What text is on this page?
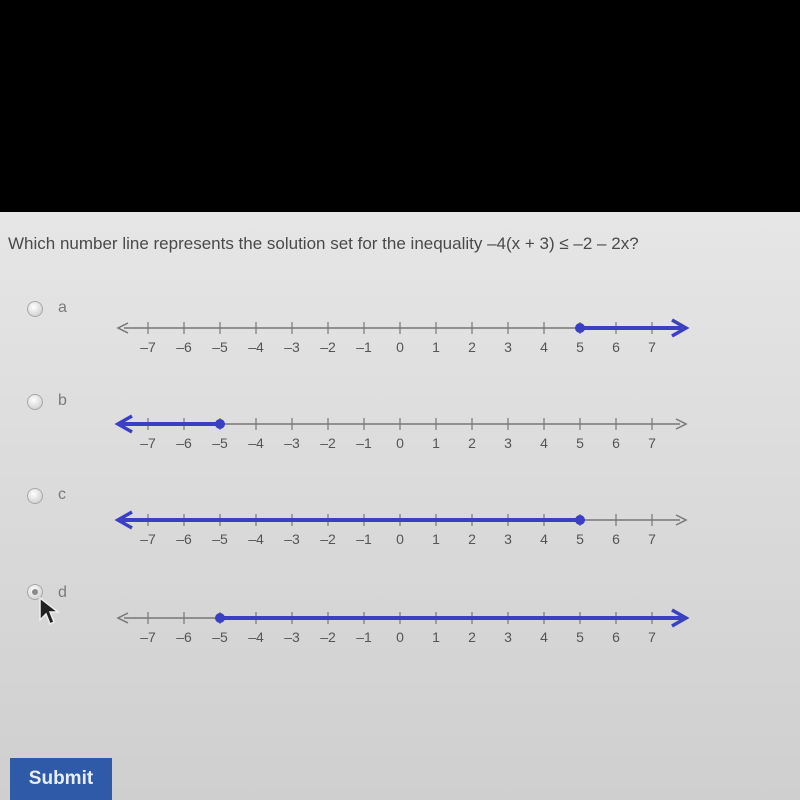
Which number line represents the solution set for the inequality –4(x + 3) ≤ –2 – 2x?
a
–7 –6 –5 –4 –3 –2 –1 0 1 2 3 4 5 6 7
b
–7 –6 –5 –4 –3 –2 –1 0 1 2 3 4 5 6 7
c
–7 –6 –5 –4 –3 –2 –1 0 1 2 3 4 5 6 7
d
–7 –6 –5 –4 –3 –2 –1 0 1 2 3 4 5 6 7
Submit
